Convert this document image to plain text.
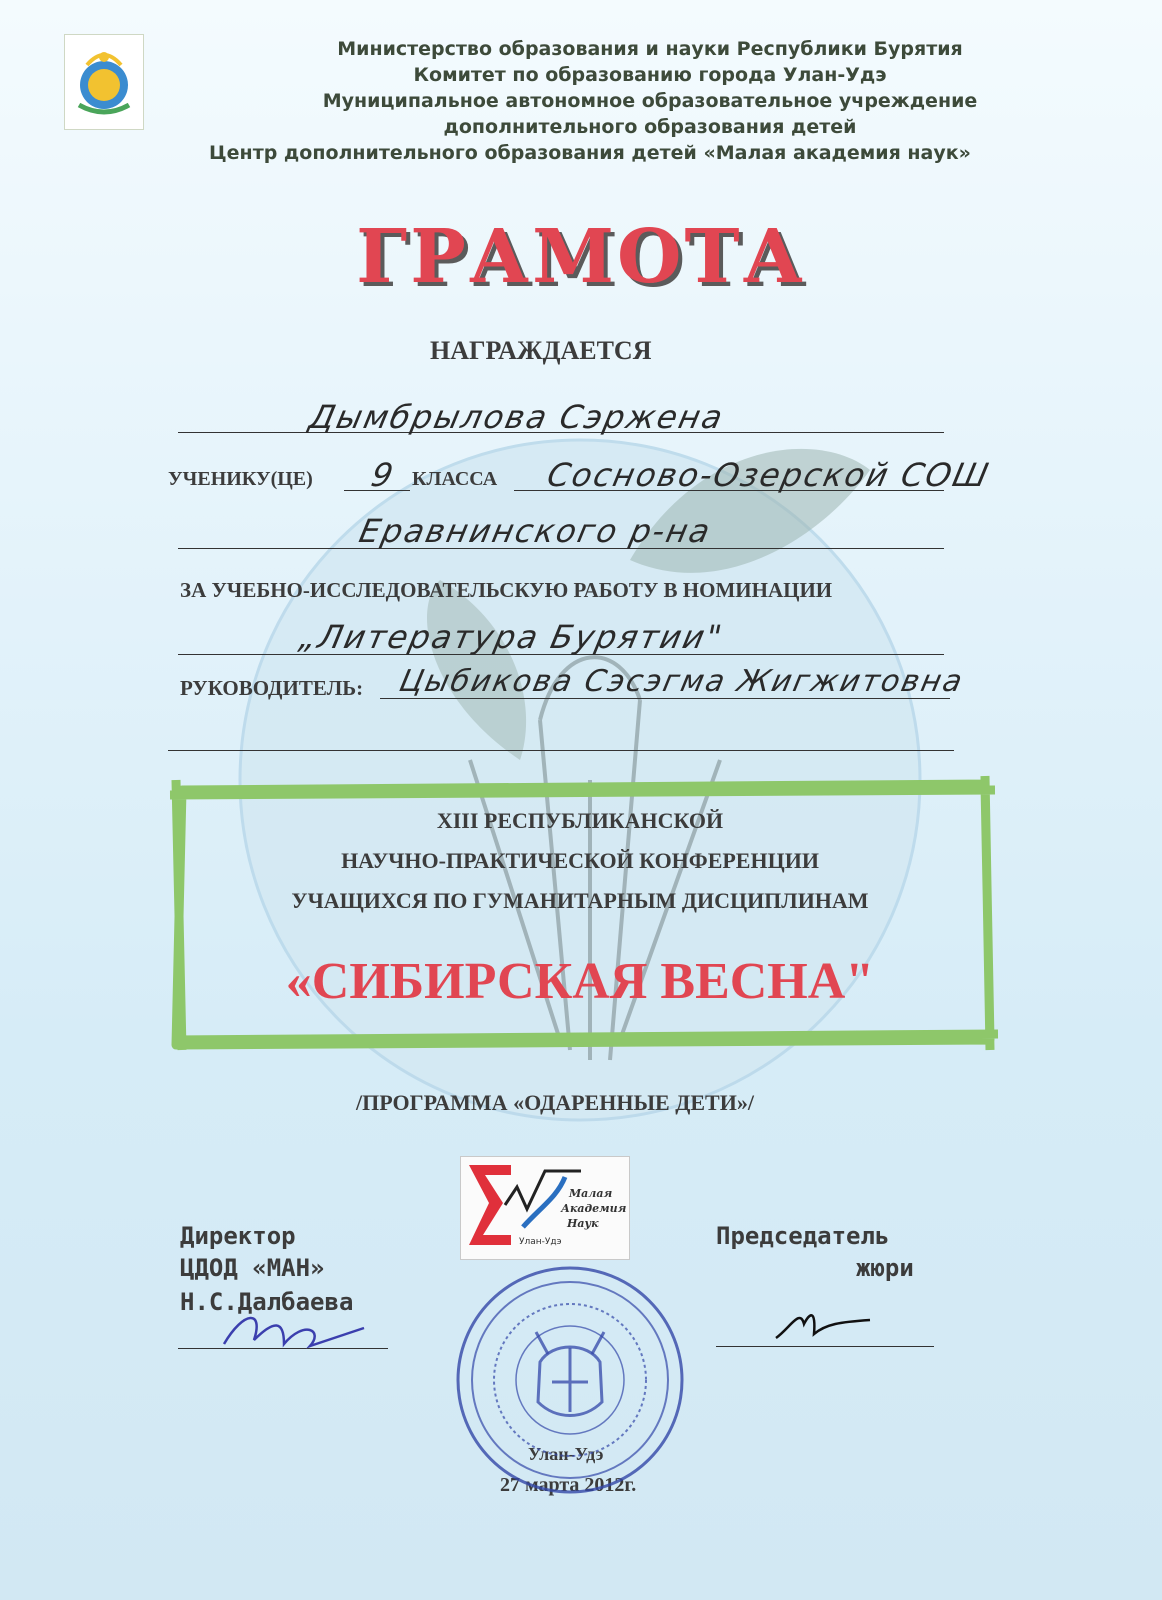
Министерство образования и науки Республики Бурятия
Комитет по образованию города Улан-Удэ
Муниципальное автономное образовательное учреждение
дополнительного образования детей
Центр дополнительного образования детей «Малая академия наук»
ГРАМОТА
НАГРАЖДАЕТСЯ
Дымбрылова Сэржена
УЧЕНИКУ(ЦЕ) 9 КЛАССА Сосново-Озерской СОШ
Еравнинского р-на
ЗА УЧЕБНО-ИССЛЕДОВАТЕЛЬСКУЮ РАБОТУ В НОМИНАЦИИ
„Литература Бурятии"
РУКОВОДИТЕЛЬ: Цыбикова Сэсэгма Жигжитовна
XIII РЕСПУБЛИКАНСКОЙ
НАУЧНО-ПРАКТИЧЕСКОЙ КОНФЕРЕНЦИИ
УЧАЩИХСЯ ПО ГУМАНИТАРНЫМ ДИСЦИПЛИНАМ
«СИБИРСКАЯ ВЕСНА"
/ПРОГРАММА «ОДАРЕННЫЕ ДЕТИ»/
Малая
Академия
Наук
Улан-Удэ
Директор
ЦДОД «МАН»
Н.С.Далбаева
Председатель
жюри
Улан-Удэ
27 марта 2012г.
